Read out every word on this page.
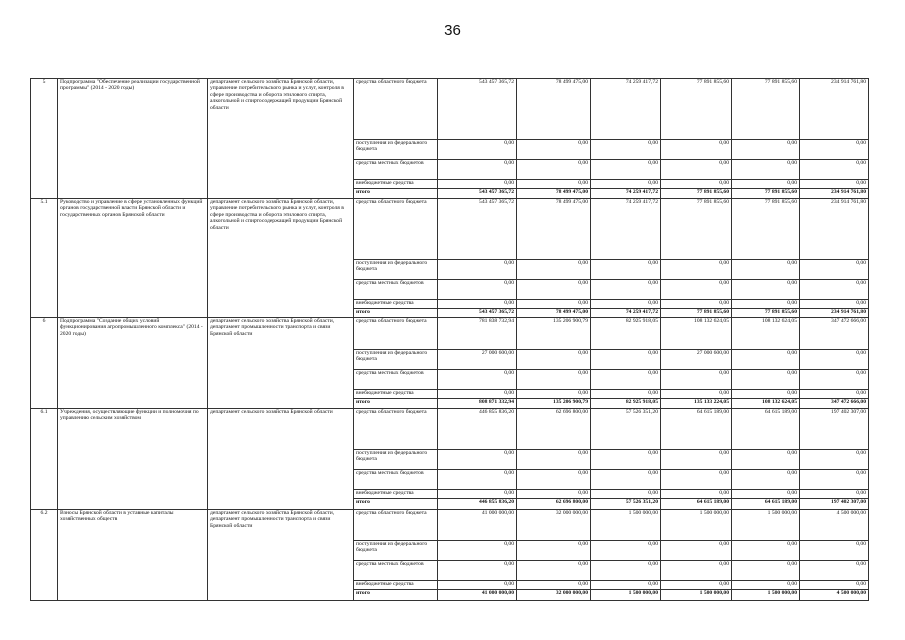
36
5	Подпрограмма "Обеспечение реализации государственной программы" (2014 - 2020 годы)	департамент сельского хозяйства Брянской области, управление потребительского рынка и услуг, контроля в сфере производства и оборота этилового спирта, алкогольной и спиртосодержащей продукции Брянской области	средства областного бюджета	543 457 365,72	78 499 475,00	74 259 417,72	77 891 855,60	77 891 855,60	234 914 761,80
			поступления из федерального бюджета	0,00	0,00	0,00	0,00	0,00	0,00
			средства местных бюджетов	0,00	0,00	0,00	0,00	0,00	0,00
			внебюджетные средства	0,00	0,00	0,00	0,00	0,00	0,00
			итого	543 457 365,72	78 499 475,00	74 259 417,72	77 891 855,60	77 891 855,60	234 914 761,80
5.1	Руководство и управление в сфере установленных функций органов государственной власти Брянской области и государственных органов Брянской области	департамент сельского хозяйства Брянской области, управление потребительского рынка и услуг, контроля в сфере производства и оборота этилового спирта, алкогольной и спиртосодержащей продукции Брянской области	средства областного бюджета	543 457 365,72	78 499 475,00	74 259 417,72	77 891 855,60	77 891 855,60	234 914 761,80
			поступления из федерального бюджета	0,00	0,00	0,00	0,00	0,00	0,00
			средства местных бюджетов	0,00	0,00	0,00	0,00	0,00	0,00
			внебюджетные средства	0,00	0,00	0,00	0,00	0,00	0,00
			итого	543 457 365,72	78 499 475,00	74 259 417,72	77 891 855,60	77 891 855,60	234 914 761,80
6	Подпрограмма "Создание общих условий функционирования агропромышленного комплекса" (2014 - 2020 годы)	департамент сельского хозяйства Брянской области, департамент промышленности транспорта и связи Брянской области	средства областного бюджета	781 838 732,94	135 206 900,79	82 925 918,05	108 132 624,05	108 132 624,05	347 472 666,00
			поступления из федерального бюджета	27 000 600,00	0,00	0,00	27 000 600,00	0,00	0,00
			средства местных бюджетов	0,00	0,00	0,00	0,00	0,00	0,00
			внебюджетные средства	0,00	0,00	0,00	0,00	0,00	0,00
			итого	808 871 332,94	135 206 900,79	82 925 918,05	135 133 224,05	108 132 624,05	347 472 666,00
6.1	Учреждения, осуществляющие функции и полномочия по управлению сельским хозяйством	департамент сельского хозяйства Брянской области	средства областного бюджета	446 855 836,20	62 696 800,00	57 526 351,20	64 615 189,00	64 615 189,00	197 402 307,00
			поступления из федерального бюджета	0,00	0,00	0,00	0,00	0,00	0,00
			средства местных бюджетов	0,00	0,00	0,00	0,00	0,00	0,00
			внебюджетные средства	0,00	0,00	0,00	0,00	0,00	0,00
			итого	446 855 836,20	62 696 800,00	57 526 351,20	64 615 189,00	64 615 189,00	197 402 307,00
6.2	Взносы Брянской области в уставные капиталы хозяйственных обществ	департамент сельского хозяйства Брянской области, департамент промышленности транспорта и связи Брянской области	средства областного бюджета	41 000 000,00	32 000 000,00	1 500 000,00	1 500 000,00	1 500 000,00	4 500 000,00
			поступления из федерального бюджета	0,00	0,00	0,00	0,00	0,00	0,00
			средства местных бюджетов	0,00	0,00	0,00	0,00	0,00	0,00
			внебюджетные средства	0,00	0,00	0,00	0,00	0,00	0,00
			итого	41 000 000,00	32 000 000,00	1 500 000,00	1 500 000,00	1 500 000,00	4 500 000,00
